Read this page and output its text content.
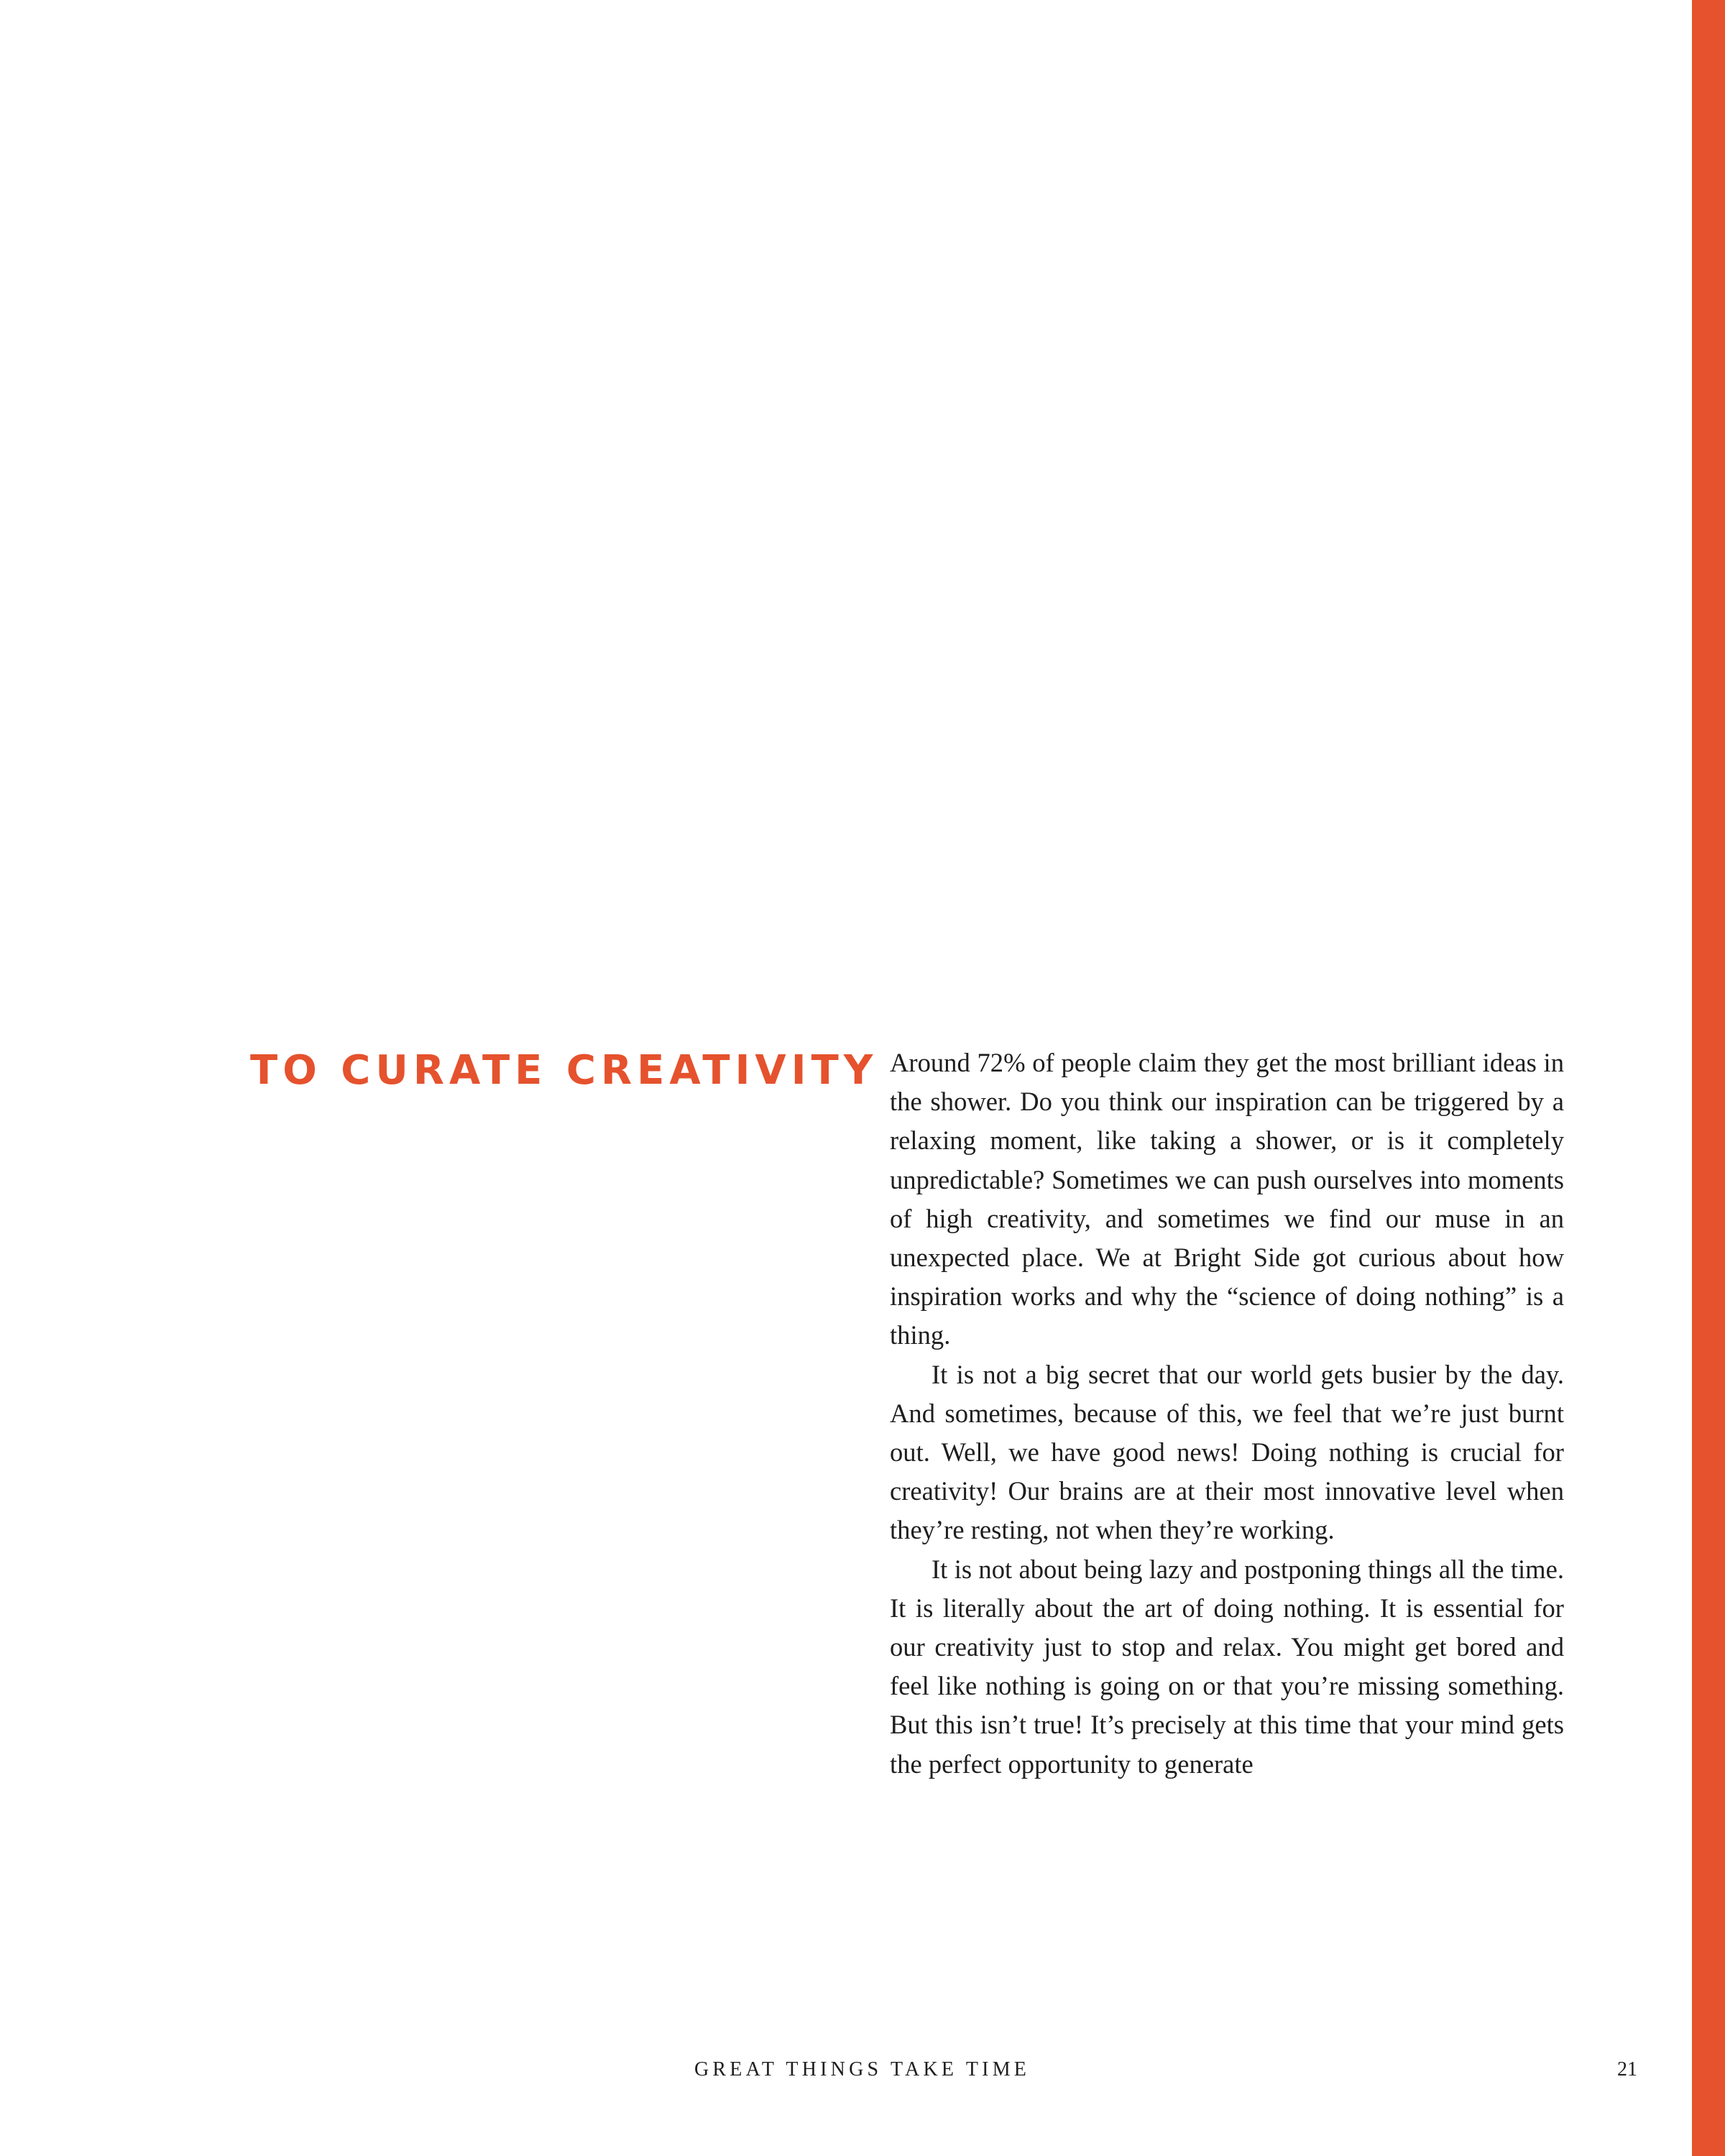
TO CURATE CREATIVITY Around 72% of people claim they get the most brilliant ideas in the shower. Do you think our inspiration can be triggered by a relaxing moment, like taking a shower, or is it completely unpredictable? Sometimes we can push ourselves into moments of high creativity, and sometimes we find our muse in an unexpected place. We at Bright Side got curious about how inspiration works and why the “science of doing nothing” is a thing.

It is not a big secret that our world gets busier by the day. And sometimes, because of this, we feel that we’re just burnt out. Well, we have good news! Doing nothing is crucial for creativity! Our brains are at their most innovative level when they’re resting, not when they’re working.

It is not about being lazy and postponing things all the time. It is literally about the art of doing nothing. It is essential for our creativity just to stop and relax. You might get bored and feel like nothing is going on or that you’re missing something. But this isn’t true! It’s precisely at this time that your mind gets the perfect opportunity to generate

GREAT THINGS TAKE TIME	21
